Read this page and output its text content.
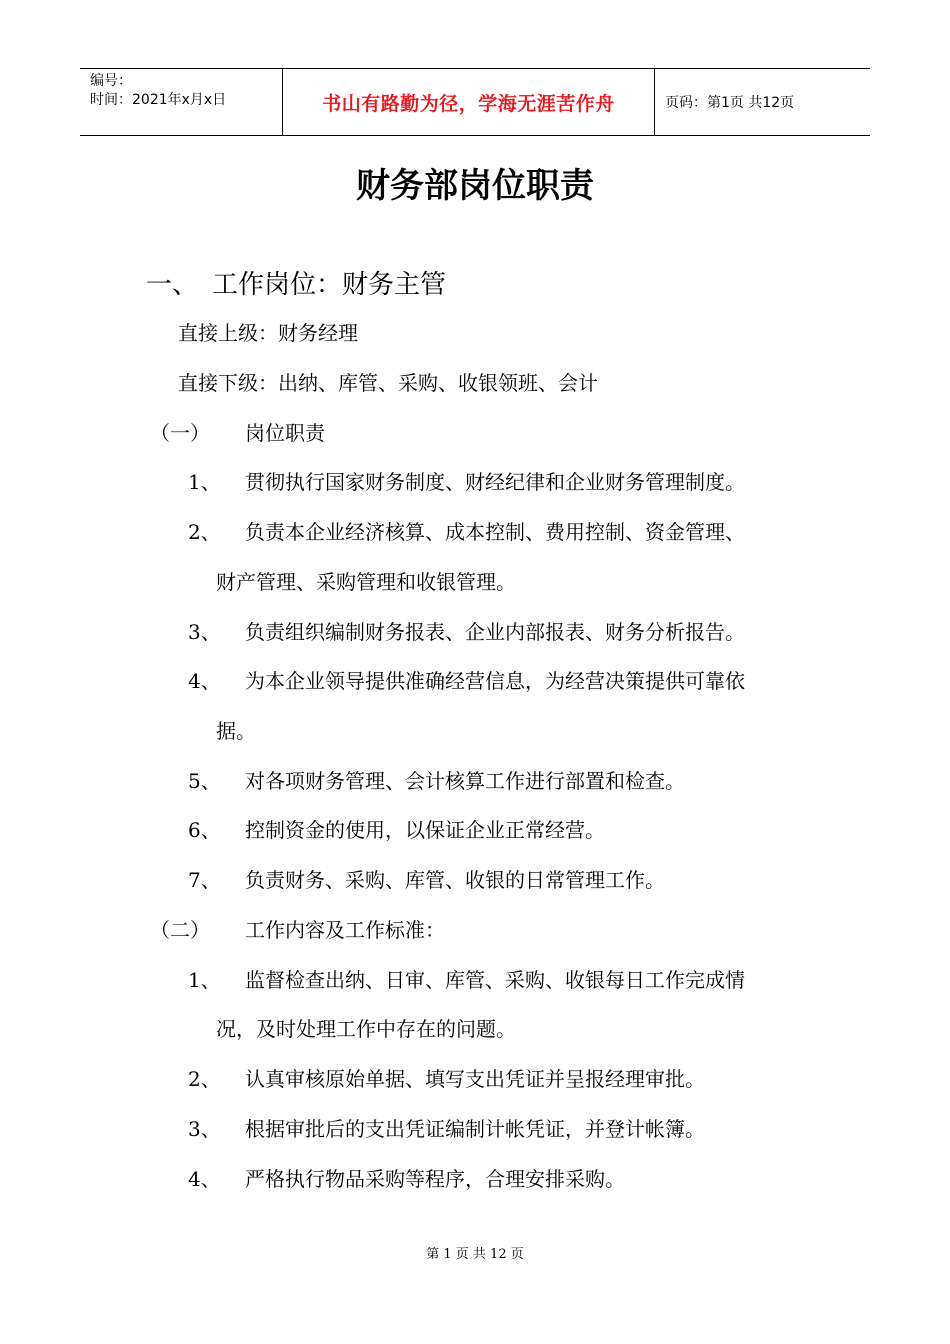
编号：
时间：2021年x月x日	书山有路勤为径，学海无涯苦作舟	页码：第1页 共12页
财务部岗位职责
一、 工作岗位：财务主管
直接上级：财务经理
直接下级：出纳、库管、采购、收银领班、会计
（一） 岗位职责
1、 贯彻执行国家财务制度、财经纪律和企业财务管理制度。
2、 负责本企业经济核算、成本控制、费用控制、资金管理、
财产管理、采购管理和收银管理。
3、 负责组织编制财务报表、企业内部报表、财务分析报告。
4、 为本企业领导提供准确经营信息，为经营决策提供可靠依
据。
5、 对各项财务管理、会计核算工作进行部置和检查。
6、 控制资金的使用，以保证企业正常经营。
7、 负责财务、采购、库管、收银的日常管理工作。
（二） 工作内容及工作标准：
1、 监督检查出纳、日审、库管、采购、收银每日工作完成情
况，及时处理工作中存在的问题。
2、 认真审核原始单据、填写支出凭证并呈报经理审批。
3、 根据审批后的支出凭证编制计帐凭证，并登计帐簿。
4、 严格执行物品采购等程序，合理安排采购。
第 1 页 共 12 页
